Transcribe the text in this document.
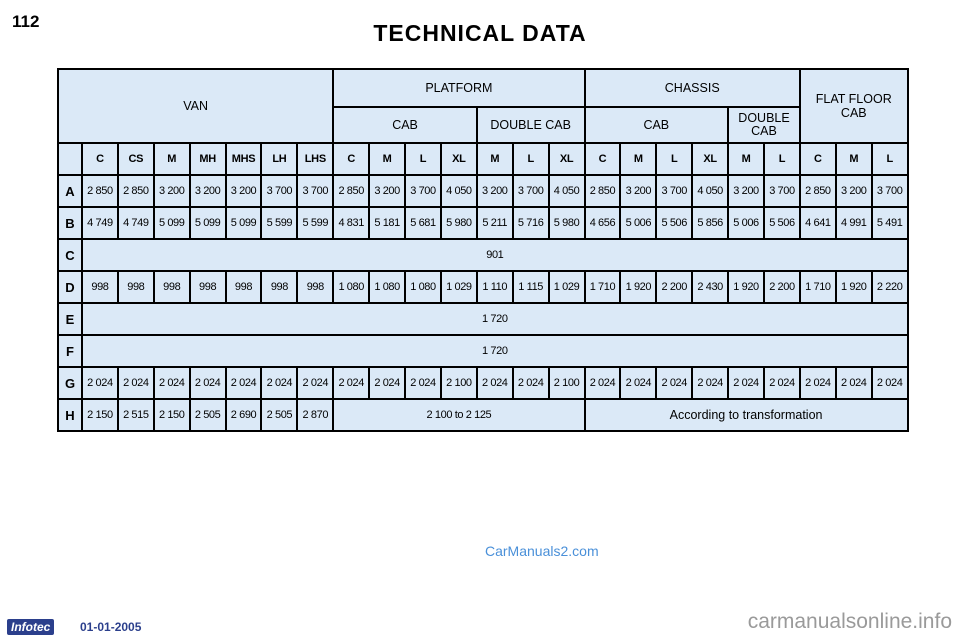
112	TECHNICAL DATA
VAN								PLATFORM							CHASSIS						FLAT FLOOR CAB		
								CAB				DOUBLE CAB			CAB				DOUBLE CAB				
	C	CS	M	MH	MHS	LH	LHS	C	M	L	XL	M	L	XL	C	M	L	XL	M	L	C	M	L
A	2 850	2 850	3 200	3 200	3 200	3 700	3 700	2 850	3 200	3 700	4 050	3 200	3 700	4 050	2 850	3 200	3 700	4 050	3 200	3 700	2 850	3 200	3 700
B	4 749	4 749	5 099	5 099	5 099	5 599	5 599	4 831	5 181	5 681	5 980	5 211	5 716	5 980	4 656	5 006	5 506	5 856	5 006	5 506	4 641	4 991	5 491
C	901																						
D	998	998	998	998	998	998	998	1 080	1 080	1 080	1 029	1 110	1 115	1 029	1 710	1 920	2 200	2 430	1 920	2 200	1 710	1 920	2 220
E	1 720																						
F	1 720																						
G	2 024	2 024	2 024	2 024	2 024	2 024	2 024	2 024	2 024	2 024	2 100	2 024	2 024	2 100	2 024	2 024	2 024	2 024	2 024	2 024	2 024	2 024	2 024
H	2 150	2 515	2 150	2 505	2 690	2 505	2 870	2 100 to 2 125							According to transformation								
Infotec	01-01-2005
CarManuals2.com
carmanualsonline.info
